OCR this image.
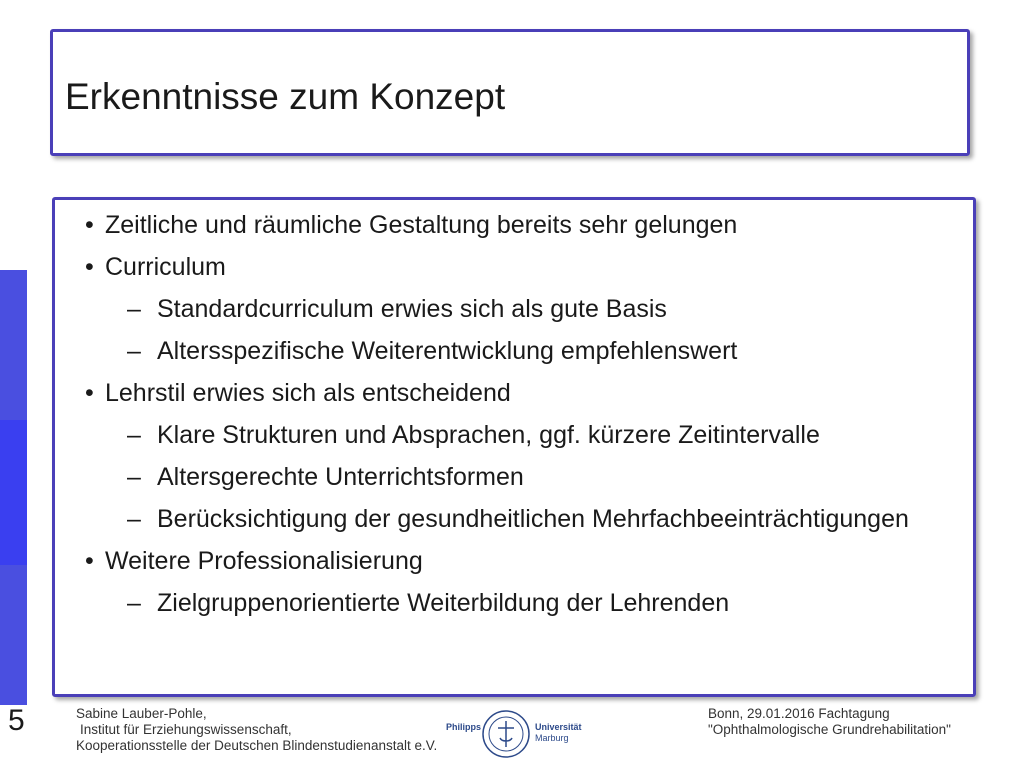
Erkenntnisse zum Konzept
• Zeitliche und räumliche Gestaltung bereits sehr gelungen
• Curriculum
– Standardcurriculum erwies sich als gute Basis
– Altersspezifische Weiterentwicklung empfehlenswert
• Lehrstil erwies sich als entscheidend
– Klare Strukturen und Absprachen, ggf. kürzere Zeitintervalle
– Altersgerechte Unterrichtsformen
– Berücksichtigung der gesundheitlichen Mehrfachbeeinträchtigungen
• Weitere Professionalisierung
– Zielgruppenorientierte Weiterbildung der Lehrenden
5	Sabine Lauber-Pohle,
Institut für Erziehungswissenschaft,
Kooperationsstelle der Deutschen Blindenstudienanstalt e.V.
Philipps	Universität
Marburg
Bonn, 29.01.2016 Fachtagung
"Ophthalmologische Grundrehabilitation"
